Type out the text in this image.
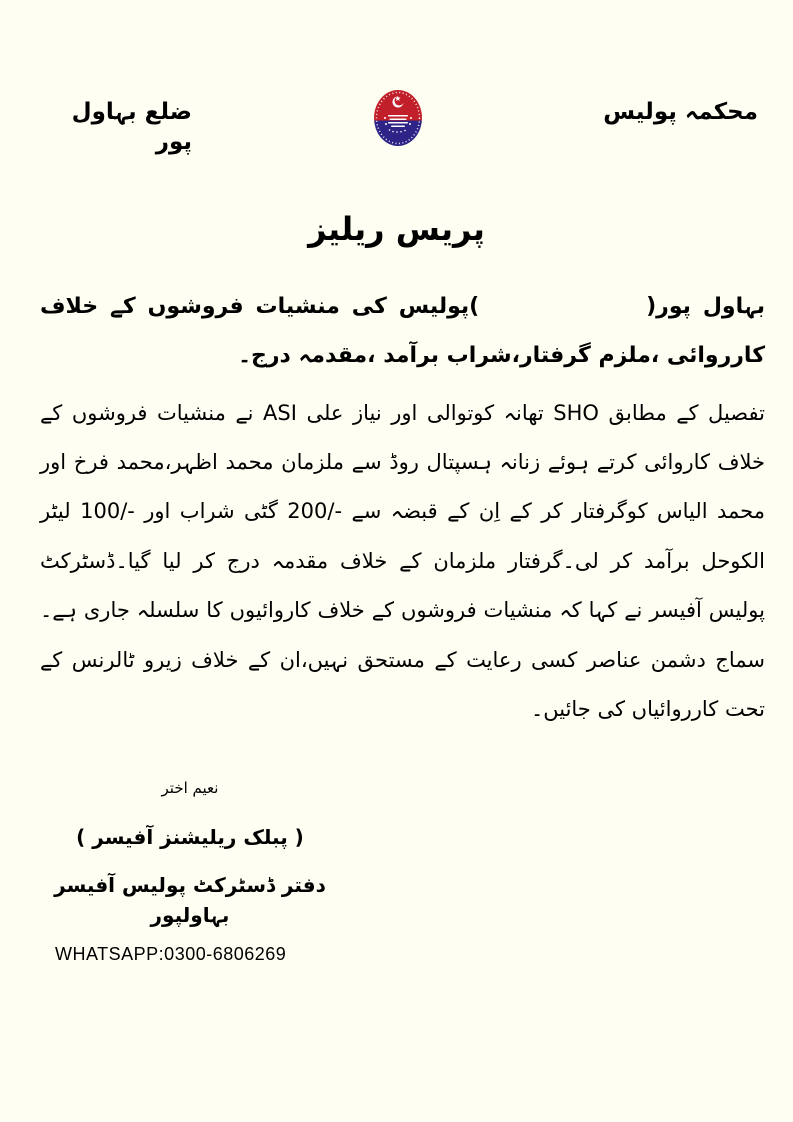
ضلع بہاول پور
محکمہ پولیس
پریس ریلیز
بہاول پور(              )پولیس کی منشیات فروشوں کے خلاف کارروائی ،ملزم گرفتار،شراب برآمد ،مقدمہ درج۔
تفصیل کے مطابق SHO تھانہ کوتوالی اور نیاز علی ASI نے منشیات فروشوں کے خلاف کاروائی کرتے ہوئے زنانہ ہسپتال روڈ سے ملزمان محمد اظہر،محمد فرخ اور محمد الیاس کوگرفتار کر کے اِن کے قبضہ سے -/200 گٹی شراب اور -/100 لیٹر الکوحل برآمد کر لی۔گرفتار ملزمان کے خلاف مقدمہ درج کر لیا گیا۔ڈسٹرکٹ پولیس آفیسر نے کہا کہ منشیات فروشوں کے خلاف کاروائیوں کا سلسلہ جاری ہے۔سماج دشمن عناصر کسی رعایت کے مستحق نہیں،ان کے خلاف زیرو ٹالرنس کے تحت کارروائیاں کی جائیں۔
نعیم اختر
( پبلک ریلیشنز آفیسر )
دفتر ڈسٹرکٹ پولیس آفیسر بہاولپور
WHATSAPP:0300-6806269
